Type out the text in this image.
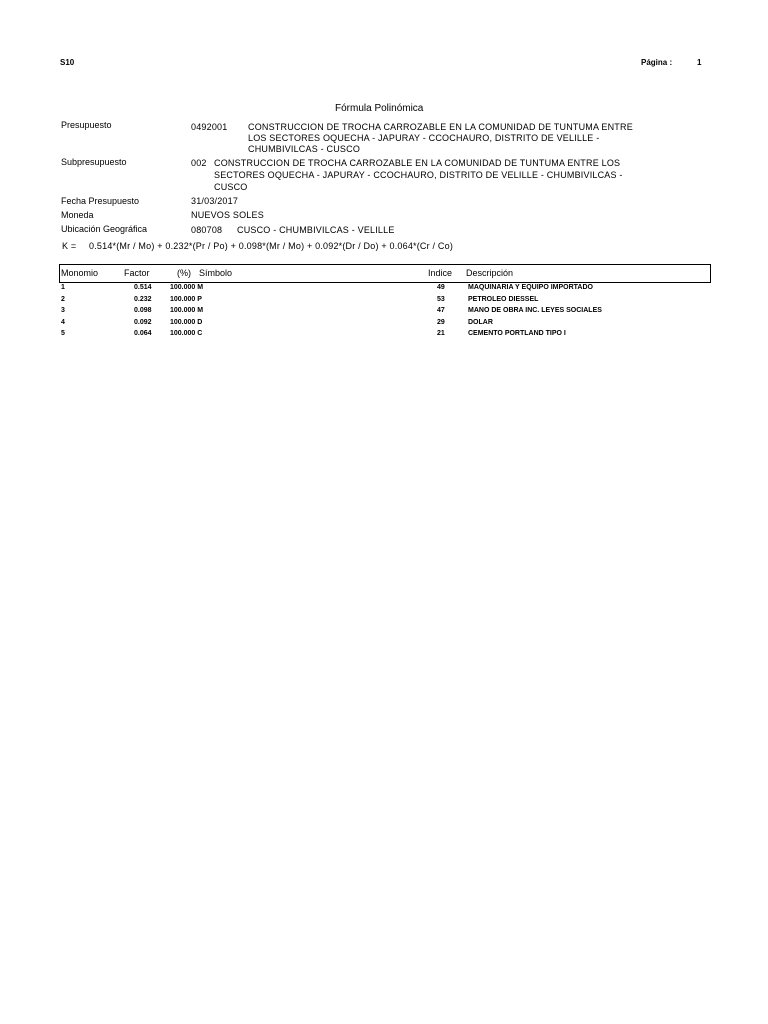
S10	Página :	1
Fórmula Polinómica
Presupuesto	0492001 CONSTRUCCION DE TROCHA CARROZABLE EN LA COMUNIDAD DE TUNTUMA ENTRE
LOS SECTORES OQUECHA - JAPURAY - CCOCHAURO, DISTRITO DE VELILLE -
CHUMBIVILCAS - CUSCO
Subpresupuesto	002 CONSTRUCCION DE TROCHA CARROZABLE EN LA COMUNIDAD DE TUNTUMA ENTRE LOS
SECTORES OQUECHA - JAPURAY - CCOCHAURO, DISTRITO DE VELILLE - CHUMBIVILCAS -
CUSCO
Fecha Presupuesto	31/03/2017
Moneda	NUEVOS SOLES
Ubicación Geográfica	080708 CUSCO - CHUMBIVILCAS - VELILLE
K = 0.514*(Mr / Mo) + 0.232*(Pr / Po) + 0.098*(Mr / Mo) + 0.092*(Dr / Do) + 0.064*(Cr / Co)
Monomio	Factor	(%) Símbolo	Indice Descripción
1	0.514	100.000 M	49	MAQUINARIA Y EQUIPO IMPORTADO
2	0.232	100.000 P	53	PETROLEO DIESSEL
3	0.098	100.000 M	47	MANO DE OBRA INC. LEYES SOCIALES
4	0.092	100.000 D	29	DOLAR
5	0.064	100.000 C	21	CEMENTO PORTLAND TIPO I
